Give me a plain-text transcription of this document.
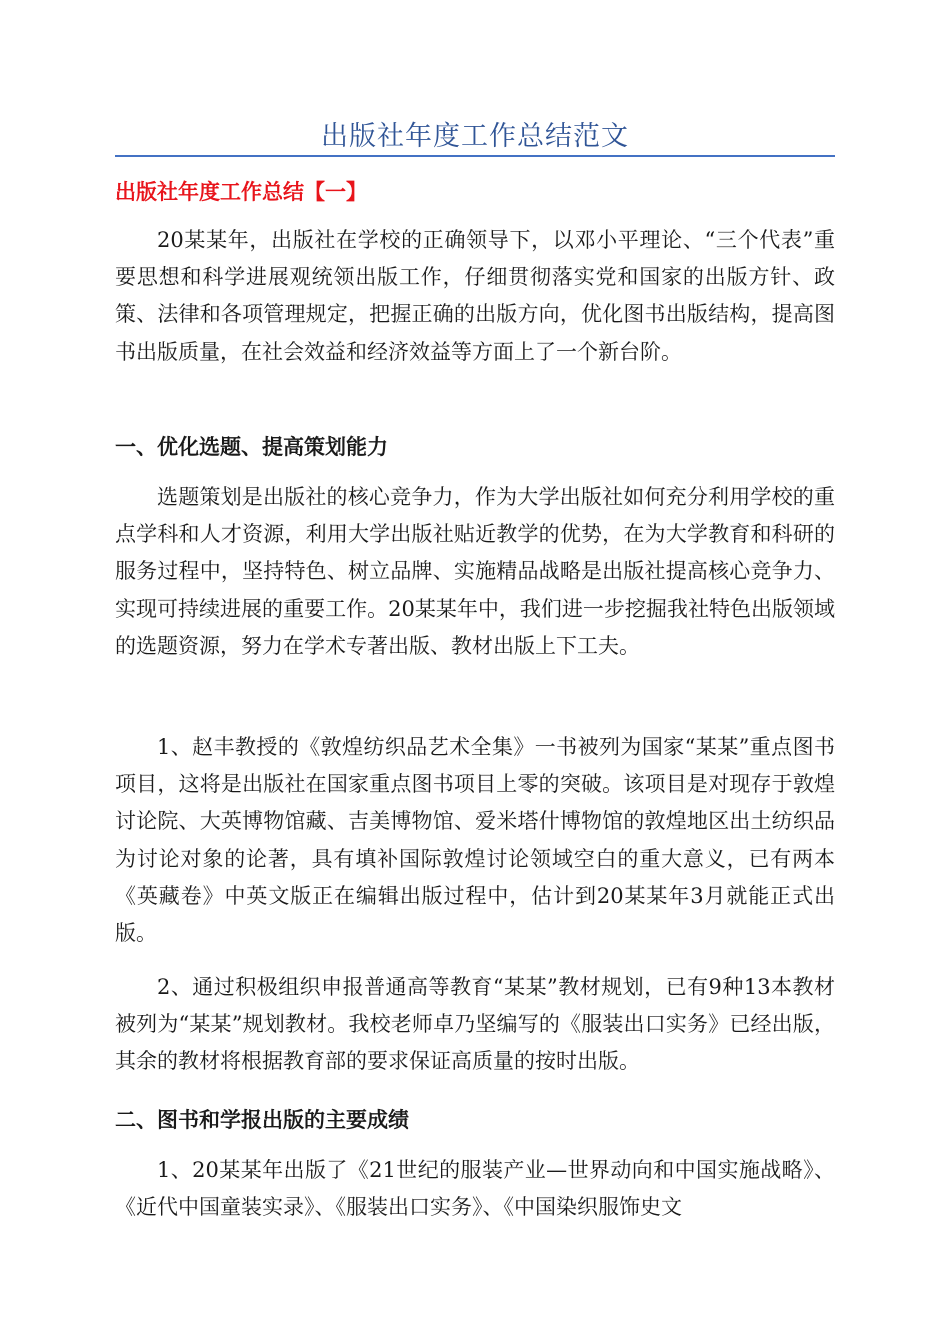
出版社年度工作总结范文
出版社年度工作总结【一】

20某某年，出版社在学校的正确领导下，以邓小平理论、“三个代表”重要思想和科学进展观统领出版工作，仔细贯彻落实党和国家的出版方针、政策、法律和各项管理规定，把握正确的出版方向，优化图书出版结构，提高图书出版质量，在社会效益和经济效益等方面上了一个新台阶。

一、优化选题、提高策划能力

选题策划是出版社的核心竞争力，作为大学出版社如何充分利用学校的重点学科和人才资源，利用大学出版社贴近教学的优势，在为大学教育和科研的服务过程中，坚持特色、树立品牌、实施精品战略是出版社提高核心竞争力、实现可持续进展的重要工作。20某某年中，我们进一步挖掘我社特色出版领域的选题资源，努力在学术专著出版、教材出版上下工夫。

1、赵丰教授的《敦煌纺织品艺术全集》一书被列为国家“某某”重点图书项目，这将是出版社在国家重点图书项目上零的突破。该项目是对现存于敦煌讨论院、大英博物馆藏、吉美博物馆、爱米塔什博物馆的敦煌地区出土纺织品为讨论对象的论著，具有填补国际敦煌讨论领域空白的重大意义，已有两本《英藏卷》中英文版正在编辑出版过程中，估计到20某某年3月就能正式出版。

2、通过积极组织申报普通高等教育“某某”教材规划，已有9种13本教材被列为“某某”规划教材。我校老师卓乃坚编写的《服装出口实务》已经出版，其余的教材将根据教育部的要求保证高质量的按时出版。

二、图书和学报出版的主要成绩

1、20某某年出版了《21世纪的服装产业—世界动向和中国实施战略》、《近代中国童装实录》、《服装出口实务》、《中国染织服饰史文
